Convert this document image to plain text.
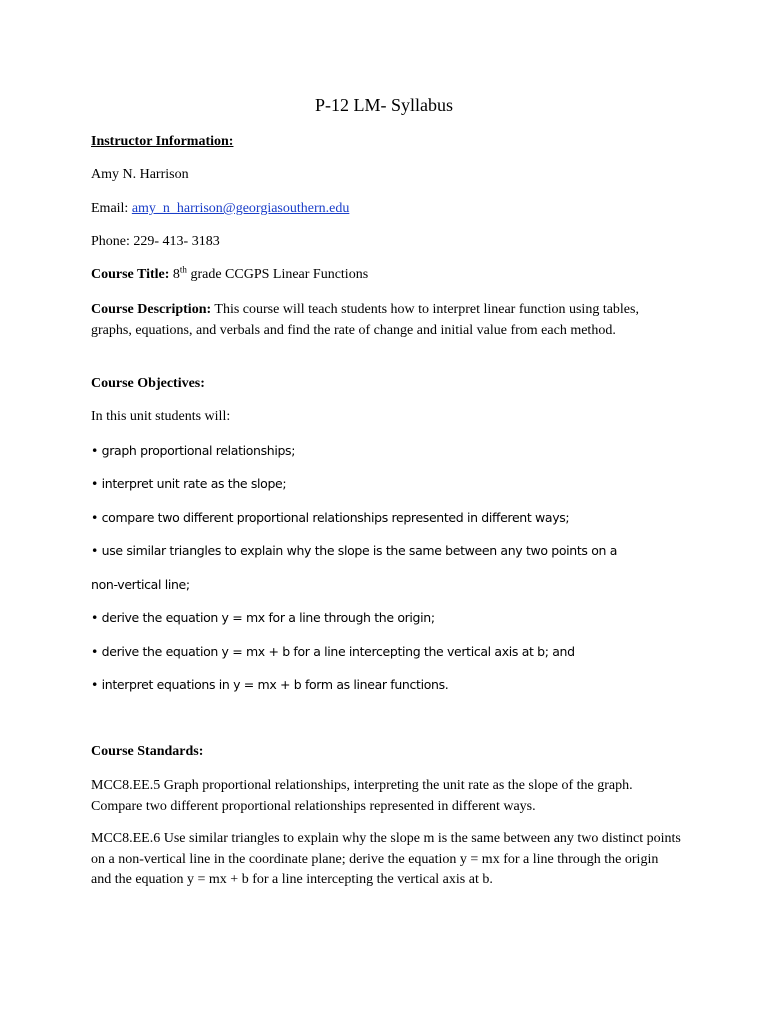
P-12 LM- Syllabus

Instructor Information:

Amy N. Harrison

Email: amy_n_harrison@georgiasouthern.edu

Phone: 229- 413- 3183

Course Title: 8th grade CCGPS Linear Functions

Course Description: This course will teach students how to interpret linear function using tables, graphs, equations, and verbals and find the rate of change and initial value from each method.

Course Objectives:

In this unit students will:

• graph proportional relationships;

• interpret unit rate as the slope;

• compare two different proportional relationships represented in different ways;

• use similar triangles to explain why the slope is the same between any two points on a

non-vertical line;

• derive the equation y = mx for a line through the origin;

• derive the equation y = mx + b for a line intercepting the vertical axis at b; and

• interpret equations in y = mx + b form as linear functions.

Course Standards:

MCC8.EE.5 Graph proportional relationships, interpreting the unit rate as the slope of the graph. Compare two different proportional relationships represented in different ways.

MCC8.EE.6 Use similar triangles to explain why the slope m is the same between any two distinct points on a non-vertical line in the coordinate plane; derive the equation y = mx for a line through the origin and the equation y = mx + b for a line intercepting the vertical axis at b.
